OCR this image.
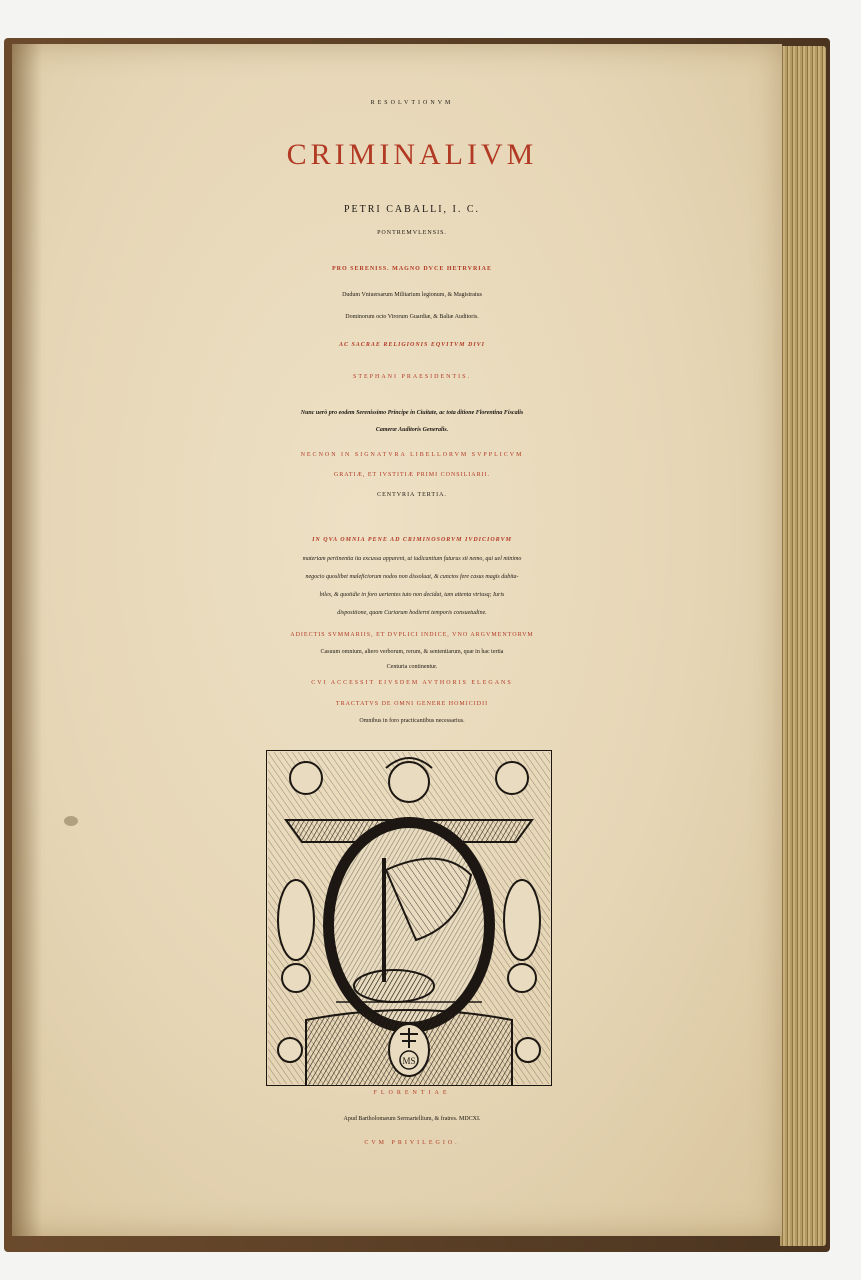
RESOLVTIONVM
CRIMINALIVM
PETRI CABALLI, I. C.
PONTREMVLENSIS.
PRO SERENISS. MAGNO DVCE HETRVRIAE
Dudum Vniuersarum Militarium legionum, & Magistratus
Dominorum octo Virorum Guardiæ, & Baliæ Auditoris.
AC SACRAE RELIGIONIS EQVITVM DIVI
STEPHANI PRAESIDENTIS.
Nunc uerò pro eodem Serenissimo Principe in Ciuitate, ac tota ditione Florentina Fiscalis
Cameræ Auditoris Generalis.
NECNON IN SIGNATVRA LIBELLORVM SVPPLICVM
GRATIÆ, ET IVSTITIÆ PRIMI CONSILIARII.
CENTVRIA TERTIA.
IN QVA OMNIA PENE AD CRIMINOSORVM IVDICIORVM
materiam pertinentia ita excussa apparent, ut iudicantium futurus sit nemo, qui uel minimo
negocio quoslibet maleficiorum nodos non dissoluat, & cunctos fere casus magis dubita-
biles, & quotidie in foro uertentes tuto non decidat, tam attenta vtriusq; Iuris
dispositione, quam Curiarum hodierni temporis consuetudine.
ADIECTIS SVMMARIIS, ET DVPLICI INDICE, VNO ARGVMENTORVM
Casuum omnium, altero verborum, rerum, & sententiarum, quæ in hac tertia
Centuria continentur.
CVI ACCESSIT EIVSDEM AVTHORIS ELEGANS
TRACTATVS DE OMNI GENERE HOMICIDII
Omnibus in foro practicantibus necessarius.
MS
FLORENTIAE
Apud Bartholomæum Sermartellium, & fratres. MDCXI.
CVM PRIVILEGIO.
